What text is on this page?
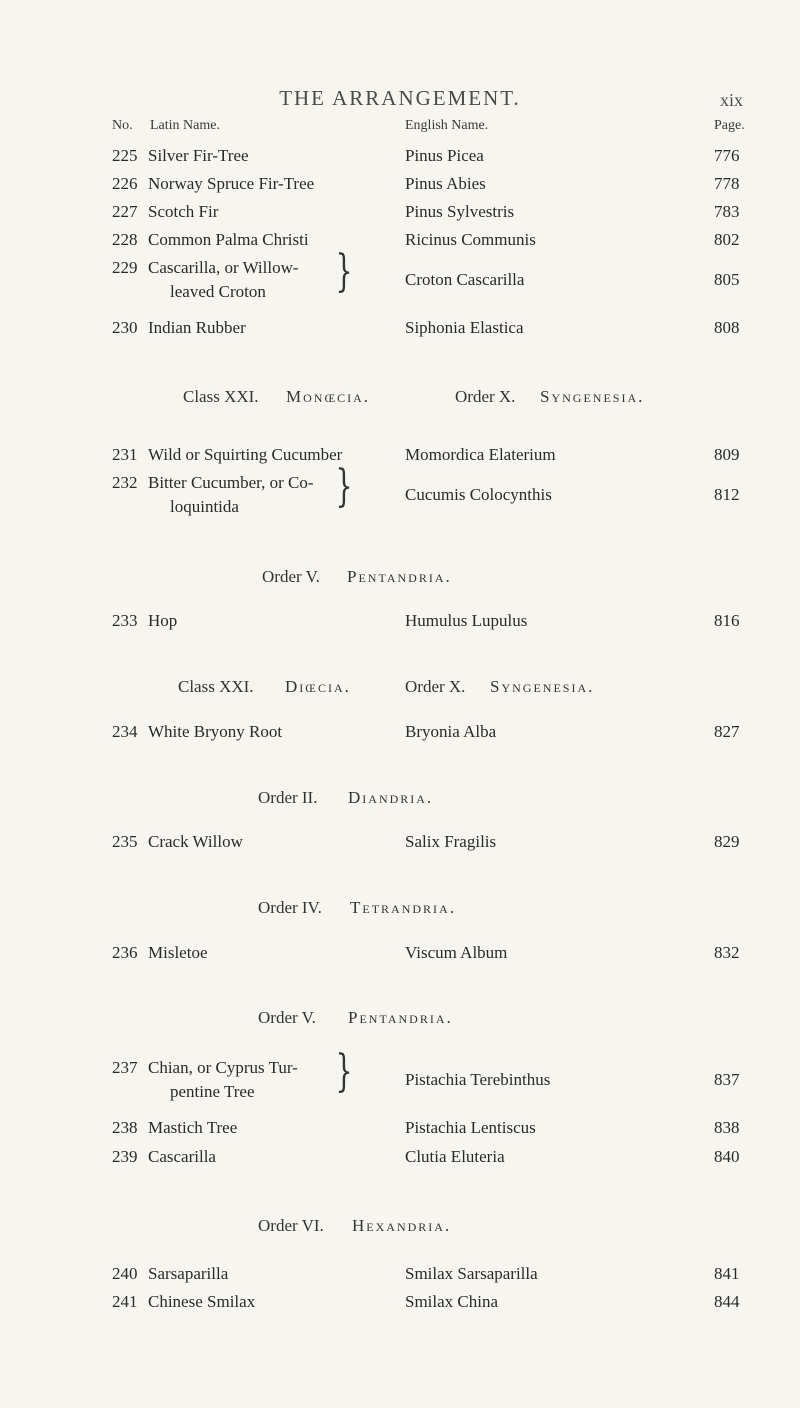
THE ARRANGEMENT.	xix
No.	Latin Name.	English Name.	Page.
225 Silver Fir-Tree	Pinus Picea	776
226 Norway Spruce Fir-Tree	Pinus Abies	778
227 Scotch Fir	Pinus Sylvestris	783
228 Common Palma Christi	Ricinus Communis	802
229 Cascarilla, or Willow-
leaved Croton }	Croton Cascarilla	805
230 Indian Rubber	Siphonia Elastica	808
Class XXI. Monœcia.	Order X. Syngenesia.
231 Wild or Squirting Cucumber	Momordica Elaterium	809
232 Bitter Cucumber, or Co-
loquintida }	Cucumis Colocynthis	812
Order V. Pentandria.
233 Hop	Humulus Lupulus	816
Class XXI. Diœcia.	Order X. Syngenesia.
234 White Bryony Root	Bryonia Alba	827
Order II. Diandria.
235 Crack Willow	Salix Fragilis	829
Order IV. Tetrandria.
236 Misletoe	Viscum Album	832
Order V. Pentandria.
237 Chian, or Cyprus Tur-
pentine Tree }	Pistachia Terebinthus	837
238 Mastich Tree	Pistachia Lentiscus	838
239 Cascarilla	Clutia Eluteria	840
Order VI. Hexandria.
240 Sarsaparilla	Smilax Sarsaparilla	841
241 Chinese Smilax	Smilax China	844
